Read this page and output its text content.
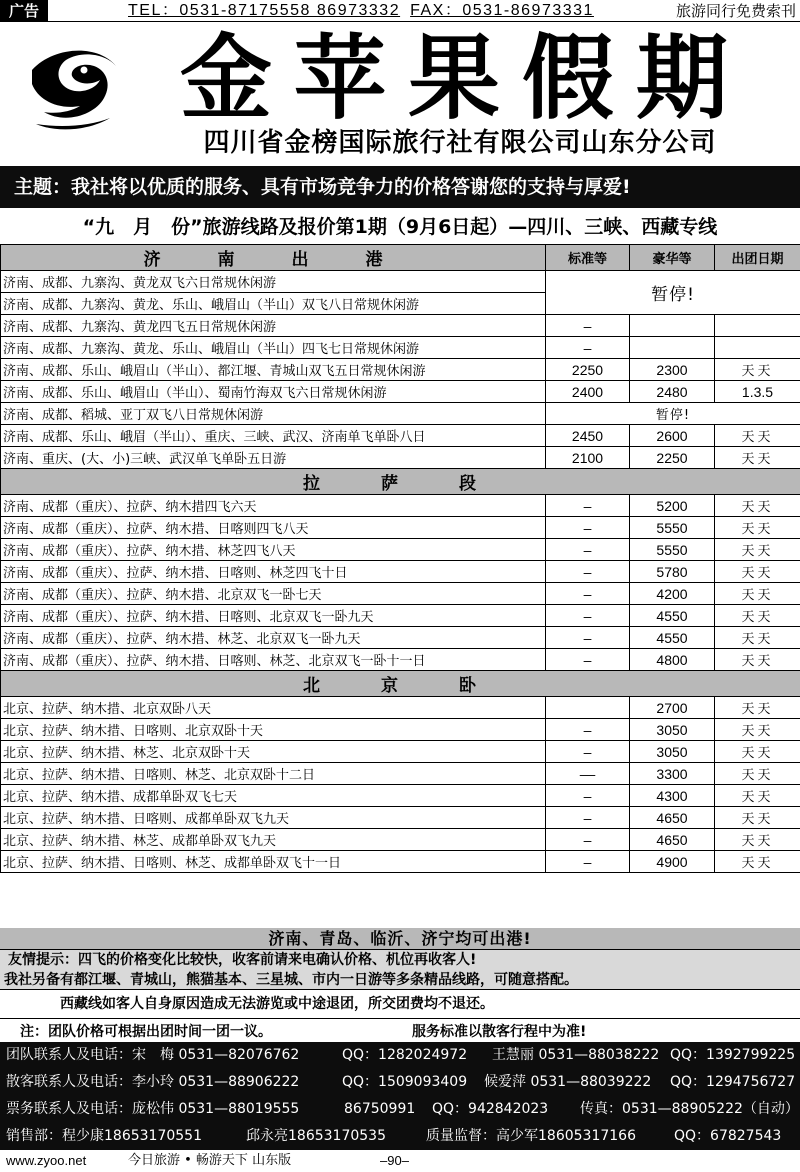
广告	TEL：0531-87175558 86973332 FAX：0531-86973331	旅游同行免费索刊
金苹果假期
四川省金榜国际旅行社有限公司山东分公司
主题：我社将以优质的服务、具有市场竞争力的价格答谢您的支持与厚爱!
“九　月　份”旅游线路及报价第1期（9月6日起）—四川、三峡、西藏专线
济　南　出　港	标准等	豪华等	出团日期
济南、成都、九寨沟、黄龙双飞六日常规休闲游	暂停!		
济南、成都、九寨沟、黄龙、乐山、峨眉山（半山）双飞八日常规休闲游			
济南、成都、九寨沟、黄龙四飞五日常规休闲游	–		
济南、成都、九寨沟、黄龙、乐山、峨眉山（半山）四飞七日常规休闲游	–		
济南、成都、乐山、峨眉山（半山）、都江堰、青城山双飞五日常规休闲游	2250	2300	天天
济南、成都、乐山、峨眉山（半山）、蜀南竹海双飞六日常规休闲游	2400	2480	1.3.5
济南、成都、稻城、亚丁双飞八日常规休闲游	暂停!		
济南、成都、乐山、峨眉（半山）、重庆、三峡、武汉、济南单飞单卧八日	2450	2600	天天
济南、重庆、(大、小)三峡、武汉单飞单卧五日游	2100	2250	天天
拉　萨　段			
济南、成都（重庆）、拉萨、纳木措四飞六天	–	5200	天天
济南、成都（重庆）、拉萨、纳木措、日喀则四飞八天	–	5550	天天
济南、成都（重庆）、拉萨、纳木措、林芝四飞八天	–	5550	天天
济南、成都（重庆）、拉萨、纳木措、日喀则、林芝四飞十日	–	5780	天天
济南、成都（重庆）、拉萨、纳木措、北京双飞一卧七天	–	4200	天天
济南、成都（重庆）、拉萨、纳木措、日喀则、北京双飞一卧九天	–	4550	天天
济南、成都（重庆）、拉萨、纳木措、林芝、北京双飞一卧九天	–	4550	天天
济南、成都（重庆）、拉萨、纳木措、日喀则、林芝、北京双飞一卧十一日	–	4800	天天
北　京　卧			
北京、拉萨、纳木措、北京双卧八天		2700	天天
北京、拉萨、纳木措、日喀则、北京双卧十天	–	3050	天天
北京、拉萨、纳木措、林芝、北京双卧十天	–	3050	天天
北京、拉萨、纳木措、日喀则、林芝、北京双卧十二日	––	3300	天天
北京、拉萨、纳木措、成都单卧双飞七天	–	4300	天天
北京、拉萨、纳木措、日喀则、成都单卧双飞九天	–	4650	天天
北京、拉萨、纳木措、林芝、成都单卧双飞九天	–	4650	天天
北京、拉萨、纳木措、日喀则、林芝、成都单卧双飞十一日	–	4900	天天
济南、青岛、临沂、济宁均可出港!
友情提示：四飞的价格变化比较快，收客前请来电确认价格、机位再收客人!
我社另备有都江堰、青城山，熊猫基本、三星城、市内一日游等多条精品线路，可随意搭配。
西藏线如客人自身原因造成无法游览或中途退团，所交团费均不退还。
注：团队价格可根据出团时间一团一议。	服务标准以散客行程中为准!
团队联系人及电话：宋　梅 0531—82076762	QQ：1282024972 王慧丽 0531—88038222 QQ：1392799225
散客联系人及电话：李小玲 0531—88906222	QQ：1509093409 候爱萍 0531—88039222 QQ：1294756727
票务联系人及电话：庞松伟 0531—88019555	86750991 QQ：942842023 传真：0531—88905222（自动）
销售部：程少康18653170551	邱永亮18653170535	质量监督：高少军18605317166	QQ：67827543
www.zyoo.net	今日旅游 • 畅游天下 山东版	–90–
